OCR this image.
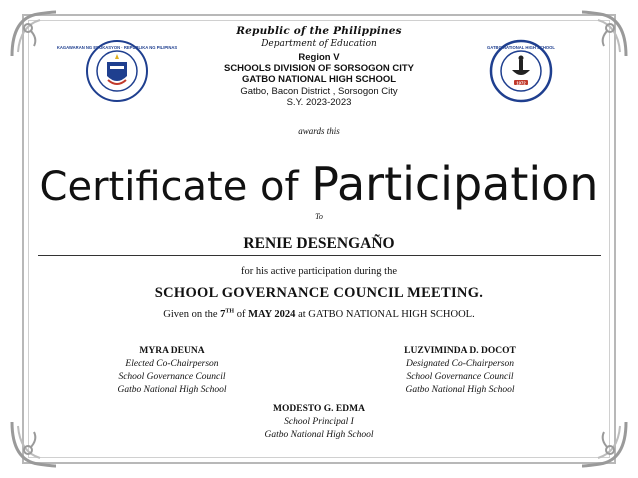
KAGAWARAN NG EDUKASYON · REPUBLIKA NG PILIPINAS
1972
GATBO NATIONAL HIGH SCHOOL
Republic of the Philippines
Department of Education
Region V
SCHOOLS DIVISION OF SORSOGON CITY
GATBO NATIONAL HIGH SCHOOL
Gatbo, Bacon District , Sorsogon City
S.Y. 2023-2023
awards this
Certificate of Participation
To
RENIE DESENGAÑO
for his active participation during the
SCHOOL GOVERNANCE COUNCIL MEETING.
Given on the 7TH of MAY 2024 at GATBO NATIONAL HIGH SCHOOL.
MYRA DEUNA
Elected Co-Chairperson
School Governance Council
Gatbo National High School
LUZVIMINDA D. DOCOT
Designated Co-Chairperson
School Governance Council
Gatbo National High School
MODESTO G. EDMA
School Principal I
Gatbo National High School
